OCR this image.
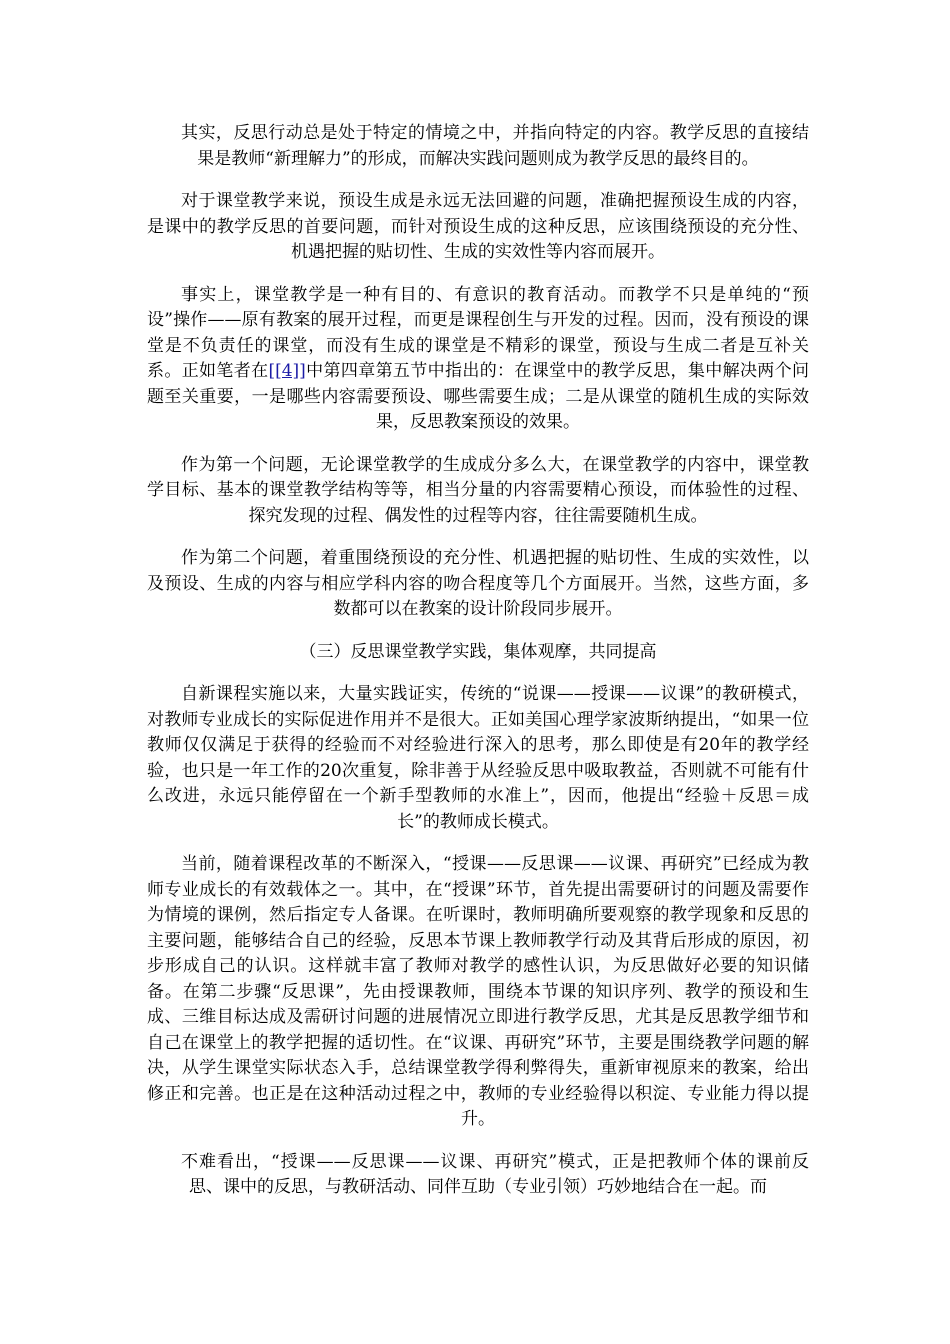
其实，反思行动总是处于特定的情境之中，并指向特定的内容。教学反思的直接结果是教师“新理解力”的形成，而解决实践问题则成为教学反思的最终目的。

对于课堂教学来说，预设生成是永远无法回避的问题，准确把握预设生成的内容，是课中的教学反思的首要问题，而针对预设生成的这种反思，应该围绕预设的充分性、机遇把握的贴切性、生成的实效性等内容而展开。

事实上，课堂教学是一种有目的、有意识的教育活动。而教学不只是单纯的“预设”操作——原有教案的展开过程，而更是课程创生与开发的过程。因而，没有预设的课堂是不负责任的课堂，而没有生成的课堂是不精彩的课堂，预设与生成二者是互补关系。正如笔者在[[4]]中第四章第五节中指出的：在课堂中的教学反思，集中解决两个问题至关重要，一是哪些内容需要预设、哪些需要生成；二是从课堂的随机生成的实际效果，反思教案预设的效果。

作为第一个问题，无论课堂教学的生成成分多么大，在课堂教学的内容中，课堂教学目标、基本的课堂教学结构等等，相当分量的内容需要精心预设，而体验性的过程、探究发现的过程、偶发性的过程等内容，往往需要随机生成。

作为第二个问题，着重围绕预设的充分性、机遇把握的贴切性、生成的实效性，以及预设、生成的内容与相应学科内容的吻合程度等几个方面展开。当然，这些方面，多数都可以在教案的设计阶段同步展开。

（三）反思课堂教学实践，集体观摩，共同提高

自新课程实施以来，大量实践证实，传统的“说课——授课——议课”的教研模式，对教师专业成长的实际促进作用并不是很大。正如美国心理学家波斯纳提出，“如果一位教师仅仅满足于获得的经验而不对经验进行深入的思考，那么即使是有20年的教学经验，也只是一年工作的20次重复，除非善于从经验反思中吸取教益，否则就不可能有什么改进，永远只能停留在一个新手型教师的水准上”，因而，他提出“经验＋反思＝成长”的教师成长模式。

当前，随着课程改革的不断深入，“授课——反思课——议课、再研究”已经成为教师专业成长的有效载体之一。其中，在“授课”环节，首先提出需要研讨的问题及需要作为情境的课例，然后指定专人备课。在听课时，教师明确所要观察的教学现象和反思的主要问题，能够结合自己的经验，反思本节课上教师教学行动及其背后形成的原因，初步形成自己的认识。这样就丰富了教师对教学的感性认识，为反思做好必要的知识储备。在第二步骤“反思课”，先由授课教师，围绕本节课的知识序列、教学的预设和生成、三维目标达成及需研讨问题的进展情况立即进行教学反思，尤其是反思教学细节和自己在课堂上的教学把握的适切性。在“议课、再研究”环节，主要是围绕教学问题的解决，从学生课堂实际状态入手，总结课堂教学得利弊得失，重新审视原来的教案，给出修正和完善。也正是在这种活动过程之中，教师的专业经验得以积淀、专业能力得以提升。

不难看出，“授课——反思课——议课、再研究”模式，正是把教师个体的课前反思、课中的反思，与教研活动、同伴互助（专业引领）巧妙地结合在一起。而
